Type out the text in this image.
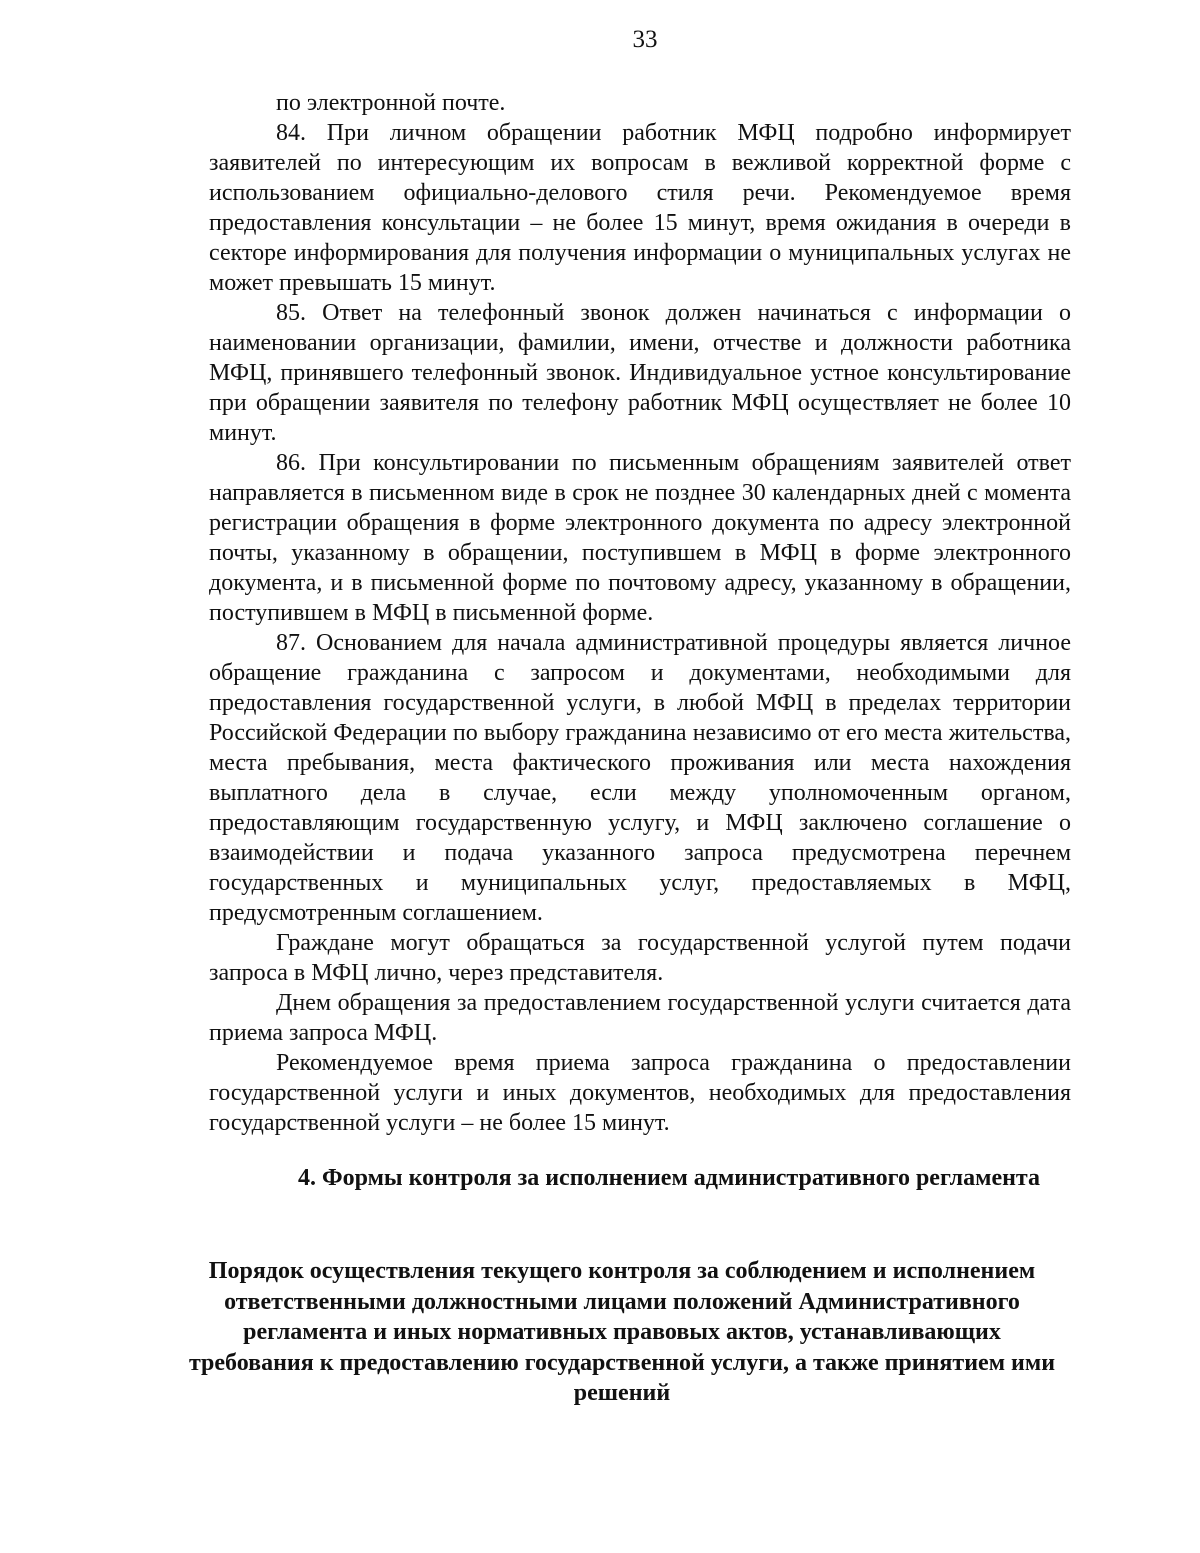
33

по электронной почте.

84. При личном обращении работник МФЦ подробно информирует заявителей по интересующим их вопросам в вежливой корректной форме с использованием официально-делового стиля речи. Рекомендуемое время предоставления консультации – не более 15 минут, время ожидания в очереди в секторе информирования для получения информации о муниципальных услугах не может превышать 15 минут.

85. Ответ на телефонный звонок должен начинаться с информации о наименовании организации, фамилии, имени, отчестве и должности работника МФЦ, принявшего телефонный звонок. Индивидуальное устное консультирование при обращении заявителя по телефону работник МФЦ осуществляет не более 10 минут.

86. При консультировании по письменным обращениям заявителей ответ направляется в письменном виде в срок не позднее 30 календарных дней с момента регистрации обращения в форме электронного документа по адресу электронной почты, указанному в обращении, поступившем в МФЦ в форме электронного документа, и в письменной форме по почтовому адресу, указанному в обращении, поступившем в МФЦ в письменной форме.

87. Основанием для начала административной процедуры является личное обращение гражданина с запросом и документами, необходимыми для предоставления государственной услуги, в любой МФЦ в пределах территории Российской Федерации по выбору гражданина независимо от его места жительства, места пребывания, места фактического проживания или места нахождения выплатного дела в случае, если между уполномоченным органом, предоставляющим государственную услугу, и МФЦ заключено соглашение о взаимодействии и подача указанного запроса предусмотрена перечнем государственных и муниципальных услуг, предоставляемых в МФЦ, предусмотренным соглашением.

Граждане могут обращаться за государственной услугой путем подачи запроса в МФЦ лично, через представителя.

Днем обращения за предоставлением государственной услуги считается дата приема запроса МФЦ.

Рекомендуемое время приема запроса гражданина о предоставлении государственной услуги и иных документов, необходимых для предоставления государственной услуги – не более 15 минут.

4. Формы контроля за исполнением административного регламента
Порядок осуществления текущего контроля за соблюдением и исполнением ответственными должностными лицами положений Административного регламента и иных нормативных правовых актов, устанавливающих требования к предоставлению государственной услуги, а также принятием ими решений
